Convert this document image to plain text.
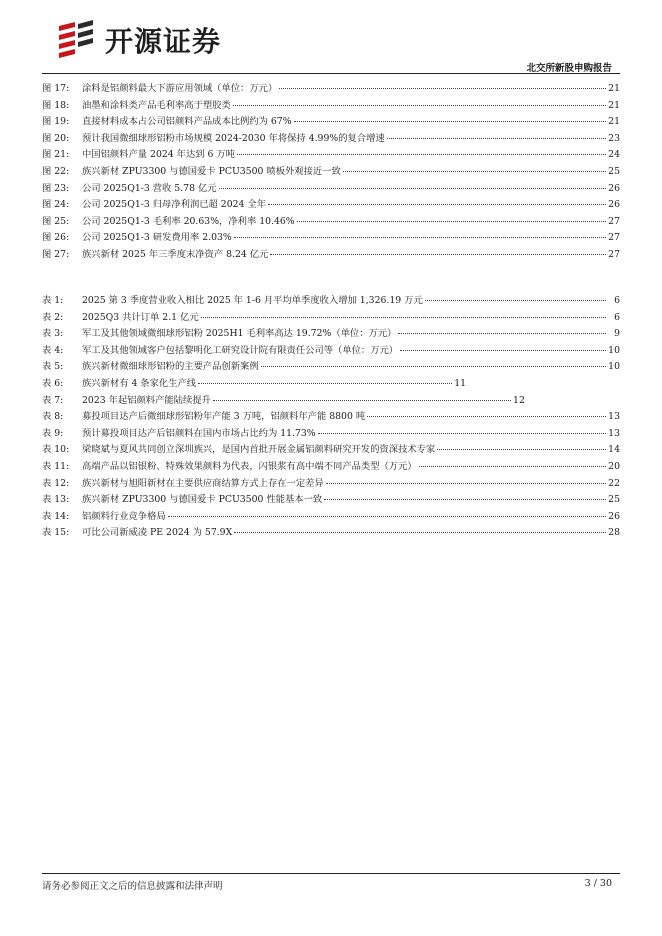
开源证券
北交所新股申购报告
图 17:	涂料是铝颜料最大下游应用领域（单位：万元）	21
图 18:	油墨和涂料类产品毛利率高于塑胶类	21
图 19:	直接材料成本占公司铝颜料产品成本比例约为 67%	21
图 20:	预计我国微细球形铝粉市场规模 2024-2030 年将保持 4.99%的复合增速	23
图 21:	中国铝颜料产量 2024 年达到 6 万吨	24
图 22:	族兴新材 ZPU3300 与德国爱卡 PCU3500 喷板外观接近一致	25
图 23:	公司 2025Q1-3 营收 5.78 亿元	26
图 24:	公司 2025Q1-3 归母净利润已超 2024 全年	26
图 25:	公司 2025Q1-3 毛利率 20.63%，净利率 10.46%	27
图 26:	公司 2025Q1-3 研发费用率 2.03%	27
图 27:	族兴新材 2025 年三季度末净资产 8.24 亿元	27
表 1:	2025 第 3 季度营业收入相比 2025 年 1-6 月平均单季度收入增加 1,326.19 万元	6
表 2:	2025Q3 共计订单 2.1 亿元	6
表 3:	军工及其他领域微细球形铝粉 2025H1 毛利率高达 19.72%（单位：万元）	9
表 4:	军工及其他领域客户包括黎明化工研究设计院有限责任公司等（单位：万元）	10
表 5:	族兴新材微细球形铝粉的主要产品创新案例	10
表 6:	族兴新材有 4 条家化生产线	11
表 7:	2023 年起铝颜料产能陆续提升	12
表 8:	募投项目达产后微细球形铝粉年产能 3 万吨，铝颜料年产能 8800 吨	13
表 9:	预计募投项目达产后铝颜料在国内市场占比约为 11.73%	13
表 10:	梁晓斌与夏风共同创立深圳族兴，是国内首批开展金属铝颜料研究开发的资深技术专家	14
表 11:	高端产品以铝银粉、特殊效果颜料为代表，闪银浆有高中端不同产品类型（万元）	20
表 12:	族兴新材与旭阳新材在主要供应商结算方式上存在一定差异	22
表 13:	族兴新材 ZPU3300 与德国爱卡 PCU3500 性能基本一致	25
表 14:	铝颜料行业竞争格局	26
表 15:	可比公司新威凌 PE 2024 为 57.9X	28
请务必参阅正文之后的信息披露和法律声明	3 / 30
